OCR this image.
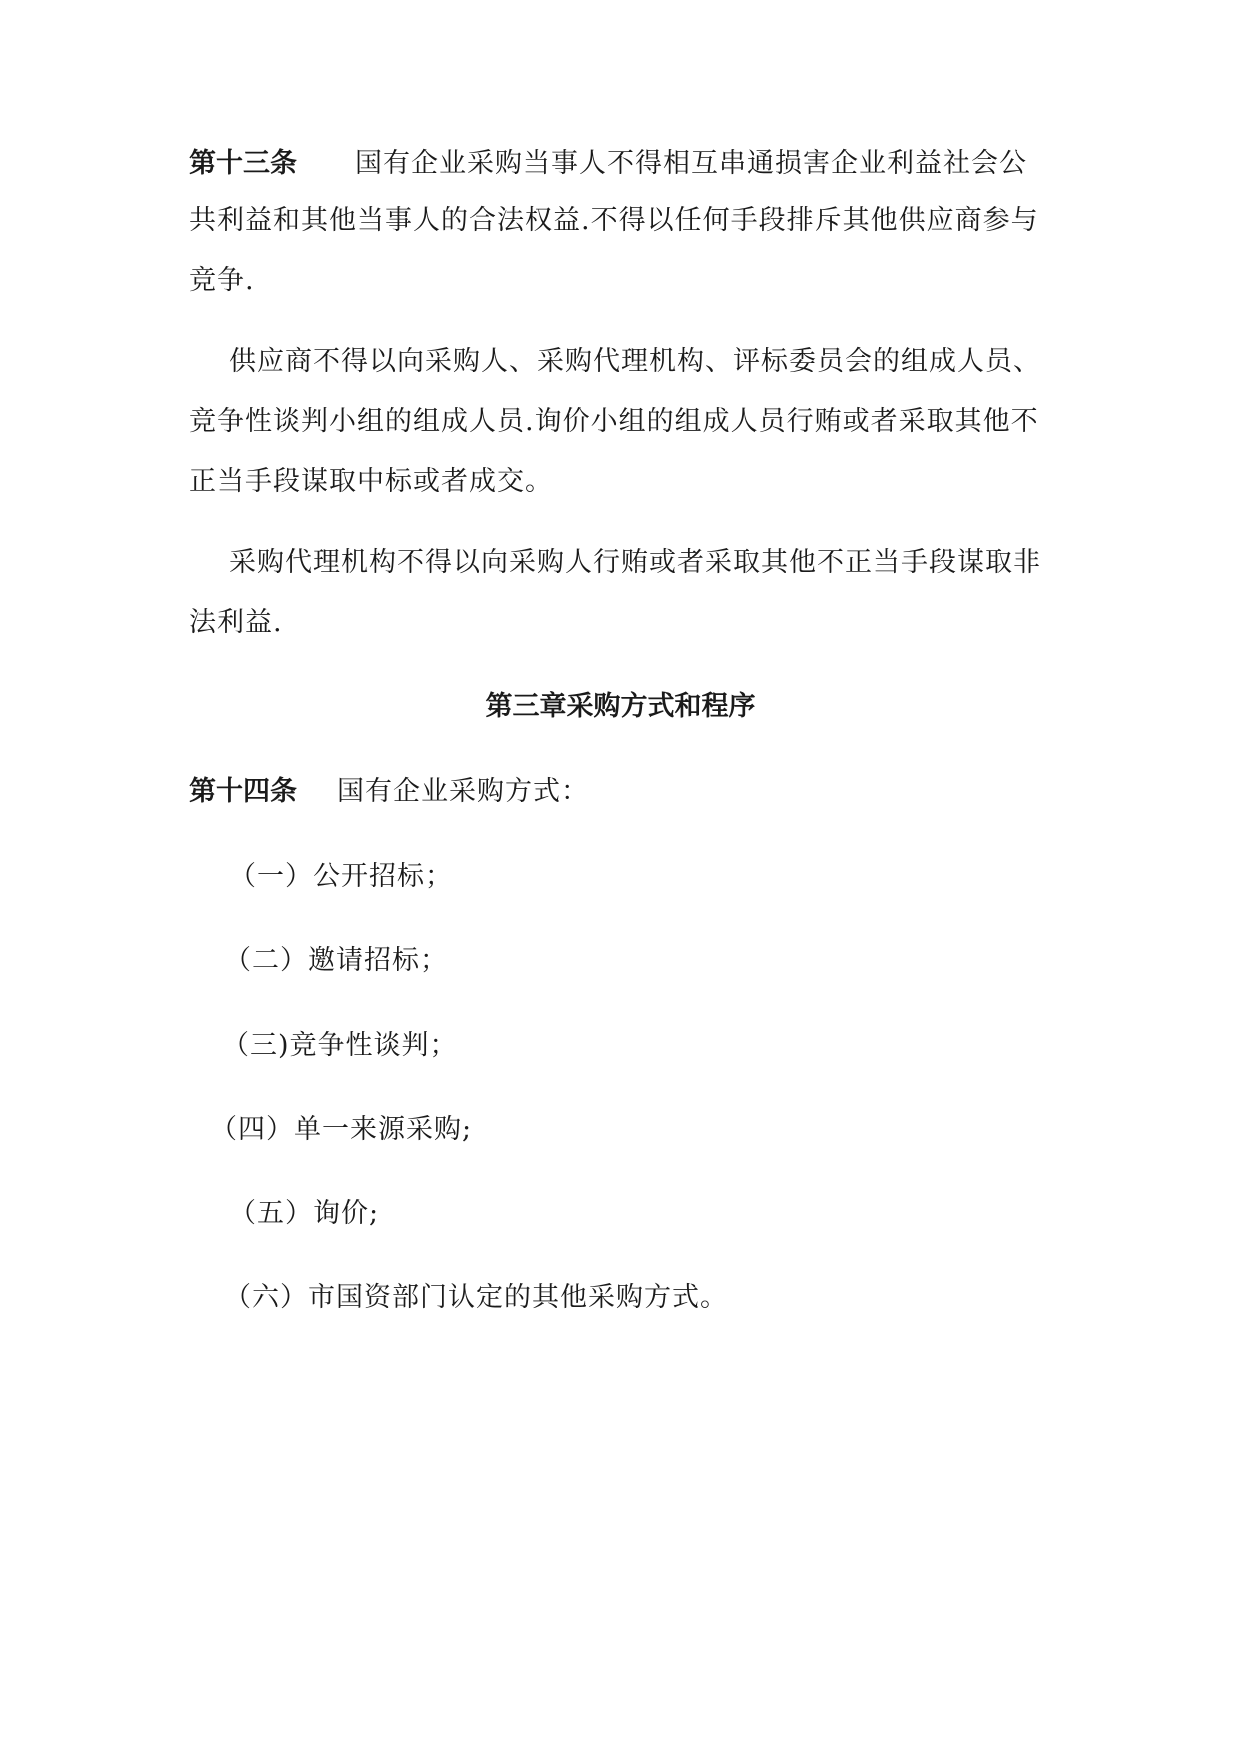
第十三条 国有企业采购当事人不得相互串通损害企业利益社会公
共利益和其他当事人的合法权益.不得以任何手段排斥其他供应商参与
竞争.
供应商不得以向采购人、采购代理机构、评标委员会的组成人员、
竞争性谈判小组的组成人员.询价小组的组成人员行贿或者采取其他不
正当手段谋取中标或者成交。
采购代理机构不得以向采购人行贿或者采取其他不正当手段谋取非
法利益.
第三章采购方式和程序
第十四条 国有企业采购方式：
（一）公开招标；
（二）邀请招标；
（三)竞争性谈判；
（四）单一来源采购;
（五）询价;
（六）市国资部门认定的其他采购方式。
